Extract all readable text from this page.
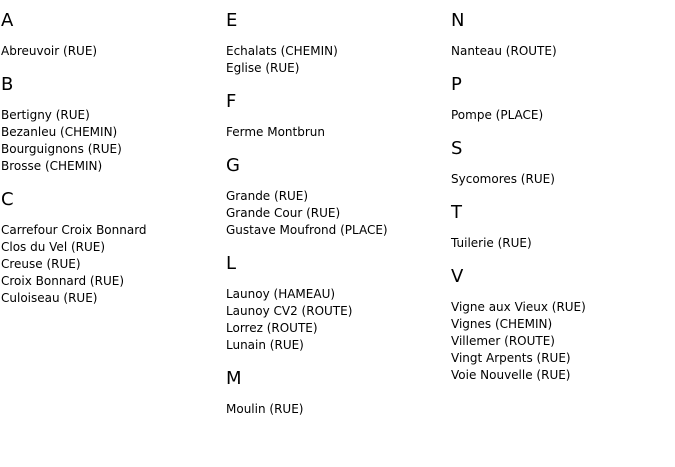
A
Abreuvoir (RUE)
B
Bertigny (RUE)
Bezanleu (CHEMIN)
Bourguignons (RUE)
Brosse (CHEMIN)
C
Carrefour Croix Bonnard
Clos du Vel (RUE)
Creuse (RUE)
Croix Bonnard (RUE)
Culoiseau (RUE)
E
Echalats (CHEMIN)
Eglise (RUE)
F
Ferme Montbrun
G
Grande (RUE)
Grande Cour (RUE)
Gustave Moufrond (PLACE)
L
Launoy (HAMEAU)
Launoy CV2 (ROUTE)
Lorrez (ROUTE)
Lunain (RUE)
M
Moulin (RUE)
N
Nanteau (ROUTE)
P
Pompe (PLACE)
S
Sycomores (RUE)
T
Tuilerie (RUE)
V
Vigne aux Vieux (RUE)
Vignes (CHEMIN)
Villemer (ROUTE)
Vingt Arpents (RUE)
Voie Nouvelle (RUE)
